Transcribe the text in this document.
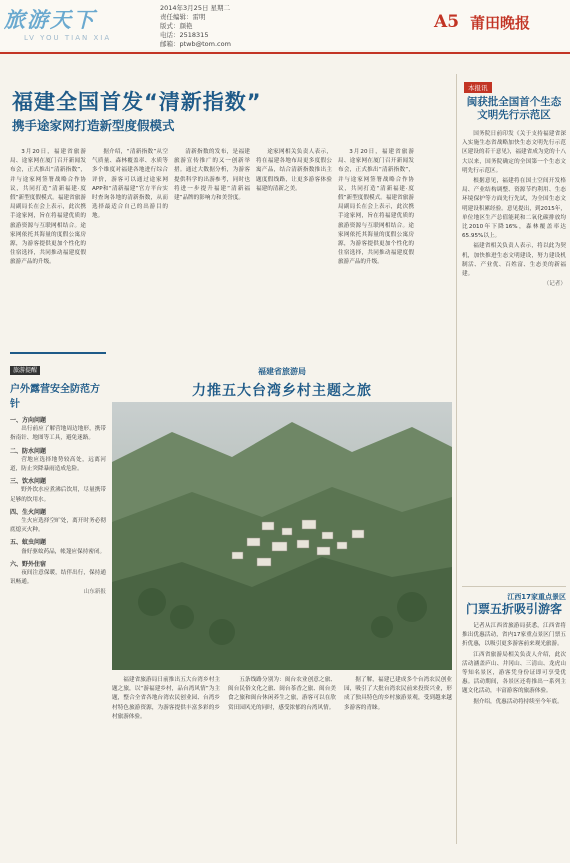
旅游天下
LV YOU TIAN XIA
2014年3月25日 星期二
责任编辑：雷明
版式：颜艳
电话：2518315
邮箱：ptwb@tom.com
A5 莆田晚报
福建全国首发“清新指数”
携手途家网打造新型度假模式

3月20日，福建省旅游局、途家网在厦门召开新闻发布会，正式推出“清新指数”，并与途家网签署战略合作协议，共同打造“清新福建·度假”新型度假模式。福建省旅游局副局长在会上表示，此次携手途家网，旨在将福建优质的旅游资源与互联网相结合。途家网依托其海量的度假公寓房源，为游客提供更加个性化的住宿选择，共同推动福建度假旅游产品的升级。

据介绍，“清新指数”从空气质量、森林覆盖率、水质等多个维度对福建各地进行综合评价，游客可以通过途家网APP和“清新福建”官方平台实时查询各地的清新指数，从而选择最适合自己的出游目的地。

清新指数的发布，是福建旅游宣传推广的又一创新举措。通过大数据分析，为游客提供科学的出游参考，同时也将进一步提升福建“清新福建”品牌的影响力和美誉度。

途家网相关负责人表示，将在福建各地布局更多度假公寓产品，结合清新指数推出主题度假线路，让更多游客体验福建的清新之美。

3月20日，福建省旅游局、途家网在厦门召开新闻发布会，正式推出“清新指数”，并与途家网签署战略合作协议，共同打造“清新福建·度假”新型度假模式。福建省旅游局副局长在会上表示，此次携手途家网，旨在将福建优质的旅游资源与互联网相结合。途家网依托其海量的度假公寓房源，为游客提供更加个性化的住宿选择，共同推动福建度假旅游产品的升级。

本报讯
闽获批全国首个生态文明先行示范区

国务院日前印发《关于支持福建省深入实施生态省战略加快生态文明先行示范区建设的若干意见》，福建省成为党的十八大以来，国务院确定的全国第一个生态文明先行示范区。

根据意见，福建将在国土空间开发格局、产业结构调整、资源节约利用、生态环境保护等方面先行先试，为全国生态文明建设积累经验。意见提出，到2015年，单位地区生产总值能耗和二氧化碳排放均比2010年下降16%，森林覆盖率达65.95%以上。

福建省相关负责人表示，将以此为契机，加快推进生态文明建设，努力建设机制活、产业优、百姓富、生态美的新福建。

（记者）
旅游提醒
户外露营安全防范方针
一、方向问题

出行前应了解营地周边地形，携带指南针、地图等工具，避免迷路。

二、防水问题

营地应选择地势较高处，远离河道，防止突降暴雨造成危险。

三、饮水问题

野外饮水应煮沸后饮用，尽量携带足够的饮用水。

四、生火问题

生火应选择空旷处，离开时务必彻底熄灭火种。

五、蚊虫问题

备好驱蚊药品，帐篷应保持密闭。

六、野外住宿

夜间注意保暖，结伴出行，保持通讯畅通。

山东新报
福建省旅游局
力推五大台湾乡村主题之旅

福建省旅游局日前推出五大台湾乡村主题之旅，以“游福建乡村，品台湾风情”为主题，整合全省各地台湾农民创业园、台湾乡村特色旅游资源，为游客提供丰富多彩的乡村旅游体验。

五条线路分别为：闽台农业创意之旅、闽台民俗文化之旅、闽台茶香之旅、闽台美食之旅和闽台休闲养生之旅，游客可以在欣赏田园风光的同时，感受浓郁的台湾风情。

据了解，福建已建成多个台湾农民创业园，吸引了大批台湾农民前来投资兴业，形成了独具特色的乡村旅游景观，受到越来越多游客的青睐。

江西17家重点景区
门票五折吸引游客

记者从江西省旅游局获悉，江西省将推出优惠活动，省内17家重点景区门票五折优惠，以吸引更多游客前来观光旅游。

江西省旅游局相关负责人介绍，此次活动涵盖庐山、井冈山、三清山、龙虎山等知名景区，游客凭身份证即可享受优惠。活动期间，各景区还将推出一系列主题文化活动，丰富游客的旅游体验。

据介绍，优惠活动将持续至今年底。
